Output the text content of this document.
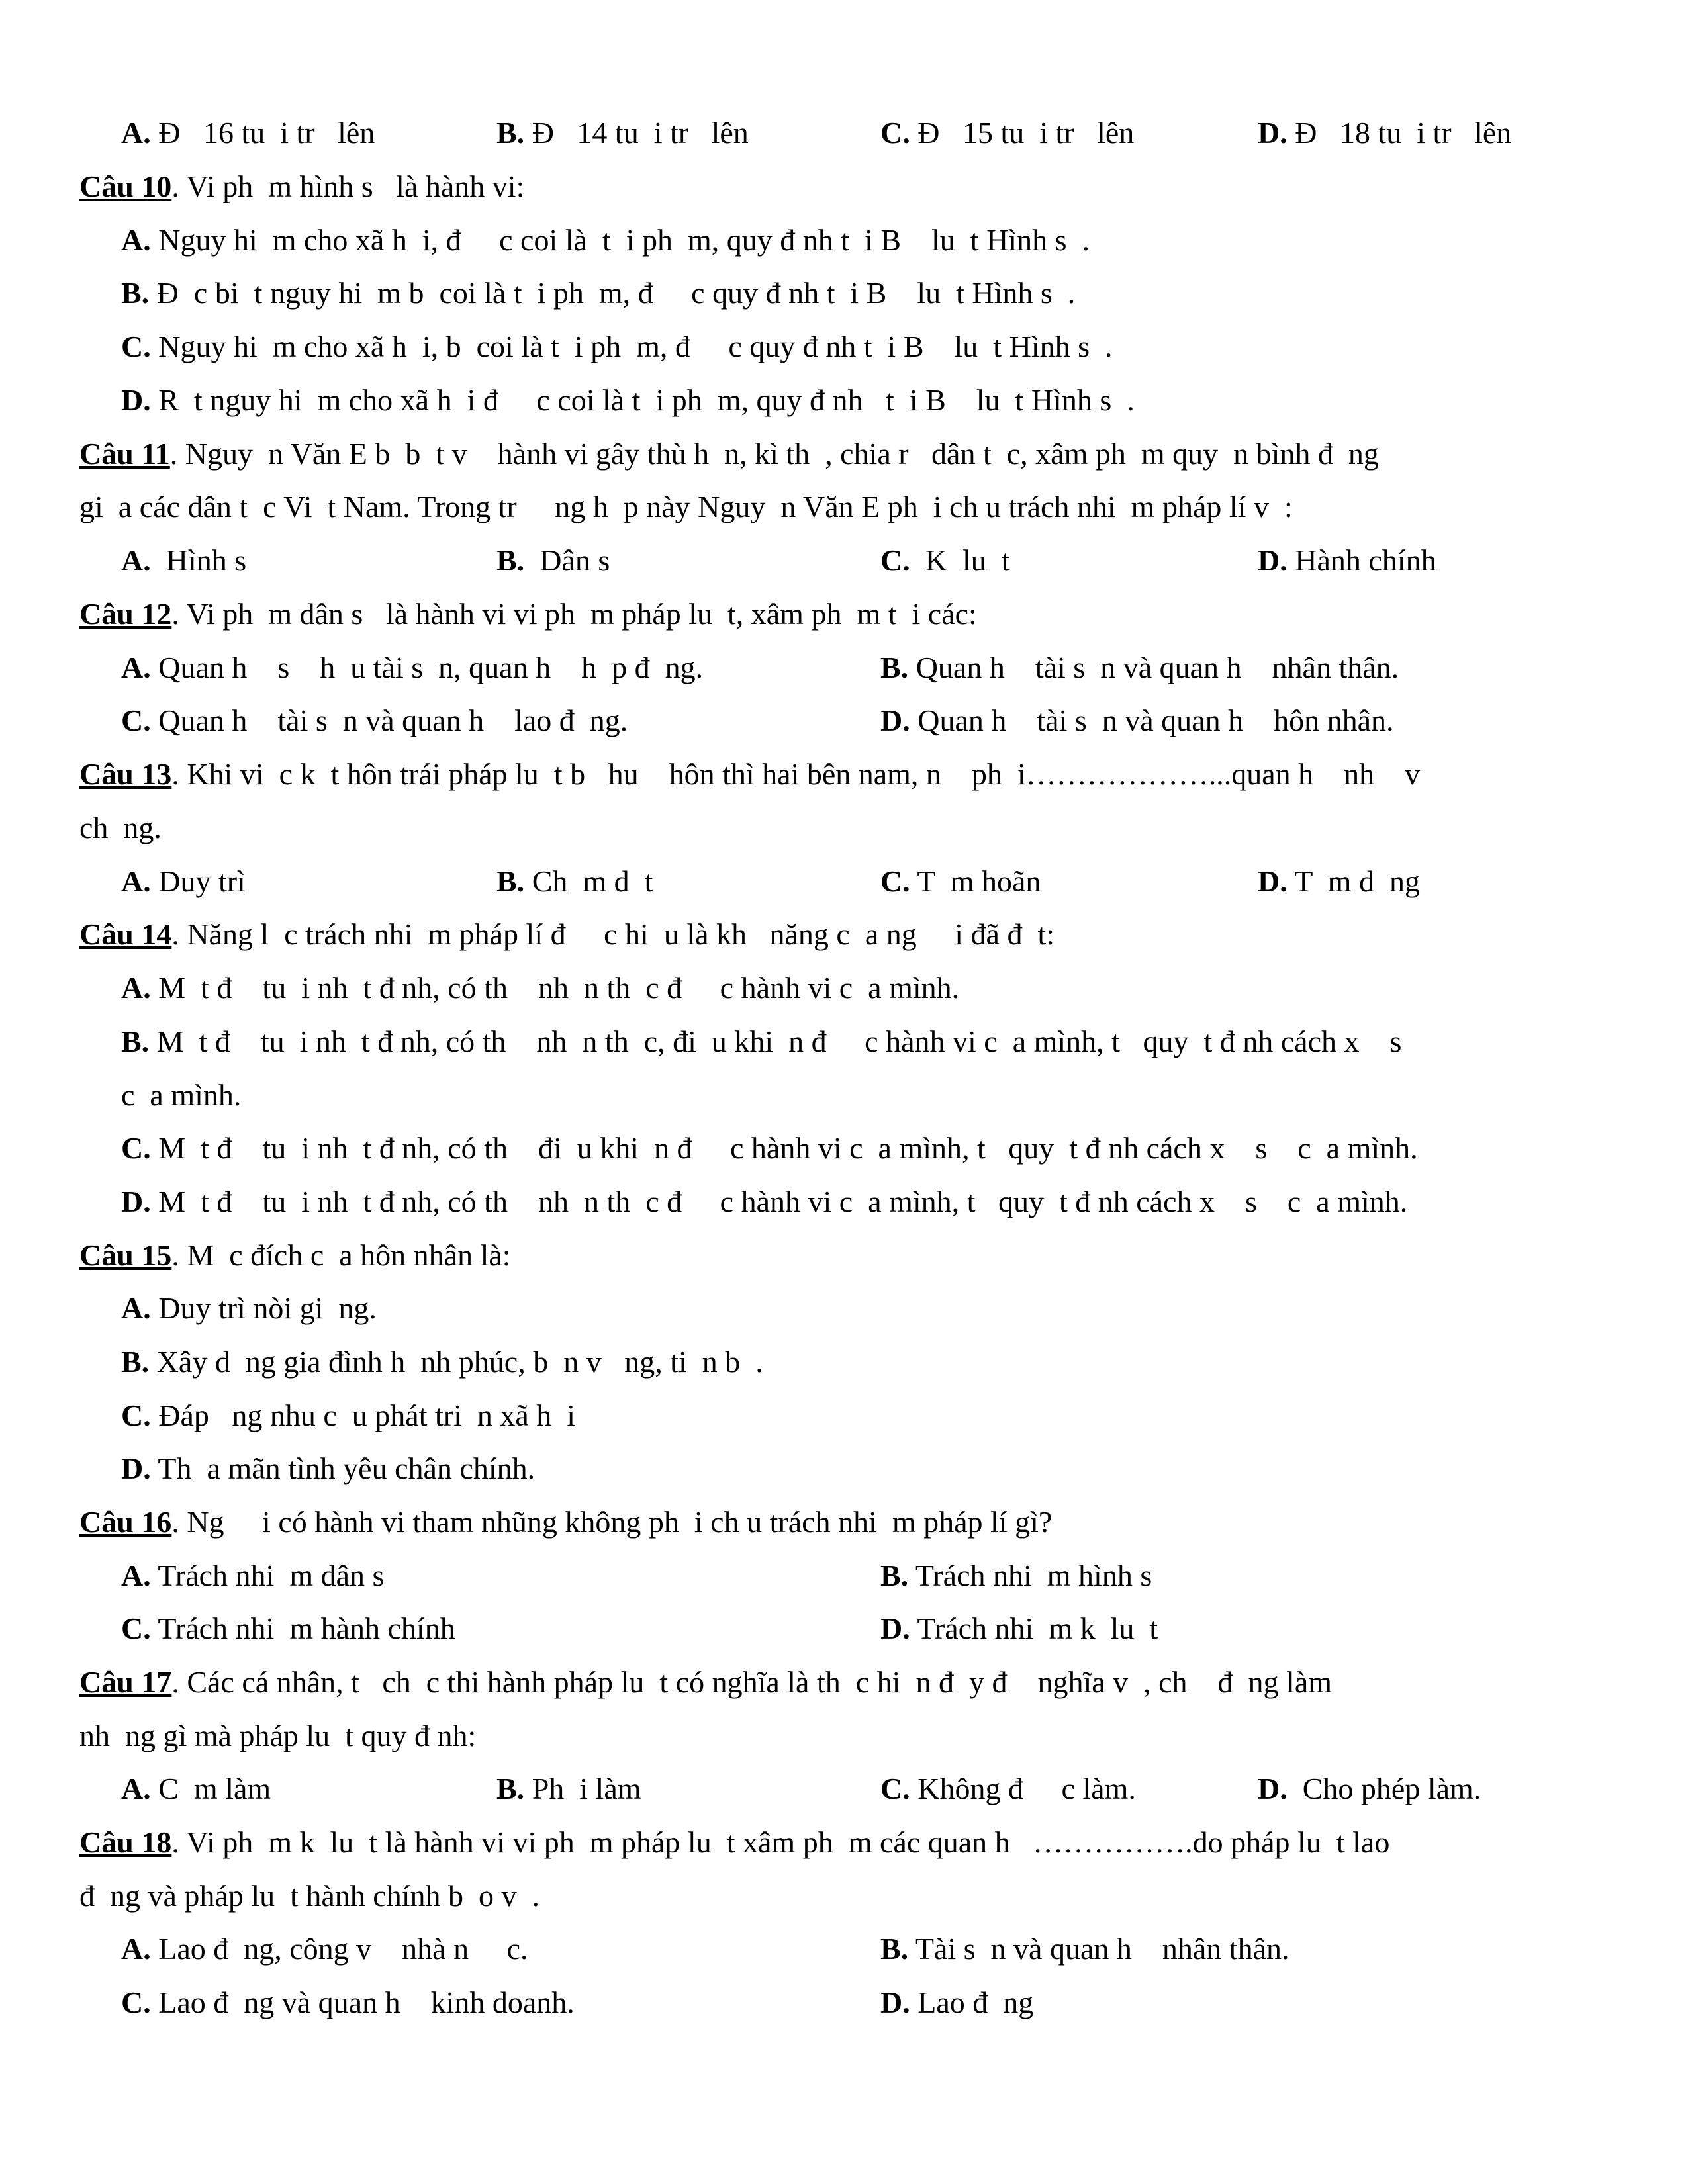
A. Đ   16 tu  i tr   lên	B. Đ   14 tu  i tr   lên	C. Đ   15 tu  i tr   lên	D. Đ   18 tu  i tr   lên
Câu 10. Vi ph  m hình s   là hành vi:
A. Nguy hi  m cho xã h  i, đ     c coi là  t  i ph  m, quy đ nh t  i B    lu  t Hình s  .
B. Đ  c bi  t nguy hi  m b  coi là t  i ph  m, đ     c quy đ nh t  i B    lu  t Hình s  .
C. Nguy hi  m cho xã h  i, b  coi là t  i ph  m, đ     c quy đ nh t  i B    lu  t Hình s  .
D. R  t nguy hi  m cho xã h  i đ     c coi là t  i ph  m, quy đ nh   t  i B    lu  t Hình s  .
Câu 11. Nguy  n Văn E b  b  t v    hành vi gây thù h  n, kì th  , chia r   dân t  c, xâm ph  m quy  n bình đ  ng
gi  a các dân t  c Vi  t Nam. Trong tr     ng h  p này Nguy  n Văn E ph  i ch u trách nhi  m pháp lí v  :
A.  Hình s	B.  Dân s	C.  K  lu  t	D. Hành chính
Câu 12. Vi ph  m dân s   là hành vi vi ph  m pháp lu  t, xâm ph  m t  i các:
A. Quan h    s    h  u tài s  n, quan h    h  p đ  ng.	B. Quan h    tài s  n và quan h    nhân thân.
C. Quan h    tài s  n và quan h    lao đ  ng.	D. Quan h    tài s  n và quan h    hôn nhân.
Câu 13. Khi vi  c k  t hôn trái pháp lu  t b   hu    hôn thì hai bên nam, n    ph  i………………...quan h    nh    v
ch  ng.
A. Duy trì	B. Ch  m d  t	C. T  m hoãn	D. T  m d  ng
Câu 14. Năng l  c trách nhi  m pháp lí đ     c hi  u là kh   năng c  a ng     i đã đ  t:
A. M  t đ    tu  i nh  t đ nh, có th    nh  n th  c đ     c hành vi c  a mình.
B. M  t đ    tu  i nh  t đ nh, có th    nh  n th  c, đi  u khi  n đ     c hành vi c  a mình, t   quy  t đ nh cách x    s
c  a mình.
C. M  t đ    tu  i nh  t đ nh, có th    đi  u khi  n đ     c hành vi c  a mình, t   quy  t đ nh cách x    s    c  a mình.
D. M  t đ    tu  i nh  t đ nh, có th    nh  n th  c đ     c hành vi c  a mình, t   quy  t đ nh cách x    s    c  a mình.
Câu 15. M  c đích c  a hôn nhân là:
A. Duy trì nòi gi  ng.
B. Xây d  ng gia đình h  nh phúc, b  n v   ng, ti  n b  .
C. Đáp   ng nhu c  u phát tri  n xã h  i
D. Th  a mãn tình yêu chân chính.
Câu 16. Ng     i có hành vi tham nhũng không ph  i ch u trách nhi  m pháp lí gì?
A. Trách nhi  m dân s	B. Trách nhi  m hình s
C. Trách nhi  m hành chính	D. Trách nhi  m k  lu  t
Câu 17. Các cá nhân, t   ch  c thi hành pháp lu  t có nghĩa là th  c hi  n đ  y đ    nghĩa v  , ch    đ  ng làm
nh  ng gì mà pháp lu  t quy đ nh:
A. C  m làm	B. Ph  i làm	C. Không đ     c làm.	D.  Cho phép làm.
Câu 18. Vi ph  m k  lu  t là hành vi vi ph  m pháp lu  t xâm ph  m các quan h   …………….do pháp lu  t lao
đ  ng và pháp lu  t hành chính b  o v  .
A. Lao đ  ng, công v    nhà n     c.	B. Tài s  n và quan h    nhân thân.
C. Lao đ  ng và quan h    kinh doanh.	D. Lao đ  ng
